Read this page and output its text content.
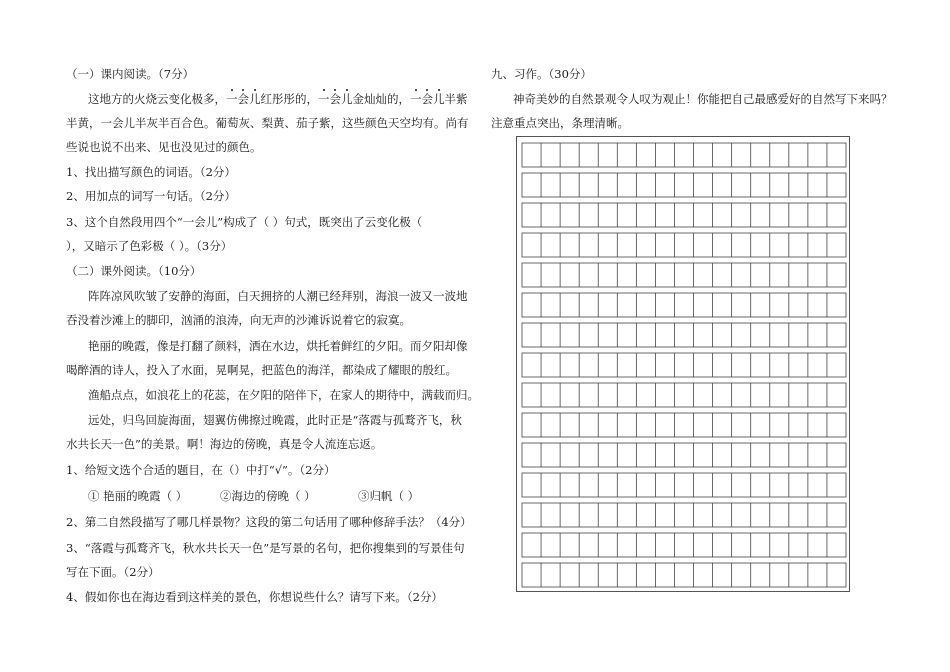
（一）课内阅读。（7分）
这地方的火烧云变化极多，一会儿红彤彤的，一会儿金灿灿的，一会儿半紫
半黄，一会儿半灰半百合色。葡萄灰、梨黄、茄子紫，这些颜色天空均有。尚有
些说也说不出来、见也没见过的颜色。
1、找出描写颜色的词语。（2分）
2、用加点的词写一句话。（2分）
3、这个自然段用四个“一会儿”构成了（ ）句式，既突出了云变化极（
），又暗示了色彩极（ ）。（3分）
（二）课外阅读。（10分）
阵阵凉风吹皱了安静的海面，白天拥挤的人潮已经拜别，海浪一波又一波地
吞没着沙滩上的脚印，汹涌的浪涛，向无声的沙滩诉说着它的寂寞。
艳丽的晚霞，像是打翻了颜料，洒在水边，烘托着鲜红的夕阳。而夕阳却像
喝醉酒的诗人，投入了水面，晃啊晃，把蓝色的海洋，都染成了耀眼的殷红。
渔船点点，如浪花上的花蕊，在夕阳的陪伴下，在家人的期待中，满载而归。
远处，归鸟回旋海面，翅翼仿佛擦过晚霞，此时正是“落霞与孤鹜齐飞，秋
水共长天一色”的美景。啊！海边的傍晚，真是令人流连忘返。
1、给短文选个合适的题目，在（）中打“√”。（2分）
① 艳丽的晚霞（ ）	②海边的傍晚（ ）	③归帆（ ）
2、第二自然段描写了哪几样景物？这段的第二句话用了哪种修辞手法？（4分）
3、“落霞与孤鹜齐飞，秋水共长天一色”是写景的名句，把你搜集到的写景佳句
写在下面。（2分）
4、假如你也在海边看到这样美的景色，你想说些什么？请写下来。（2分）
九、习作。（30分）
神奇美妙的自然景观令人叹为观止！你能把自己最感爱好的自然写下来吗？
注意重点突出，条理清晰。
